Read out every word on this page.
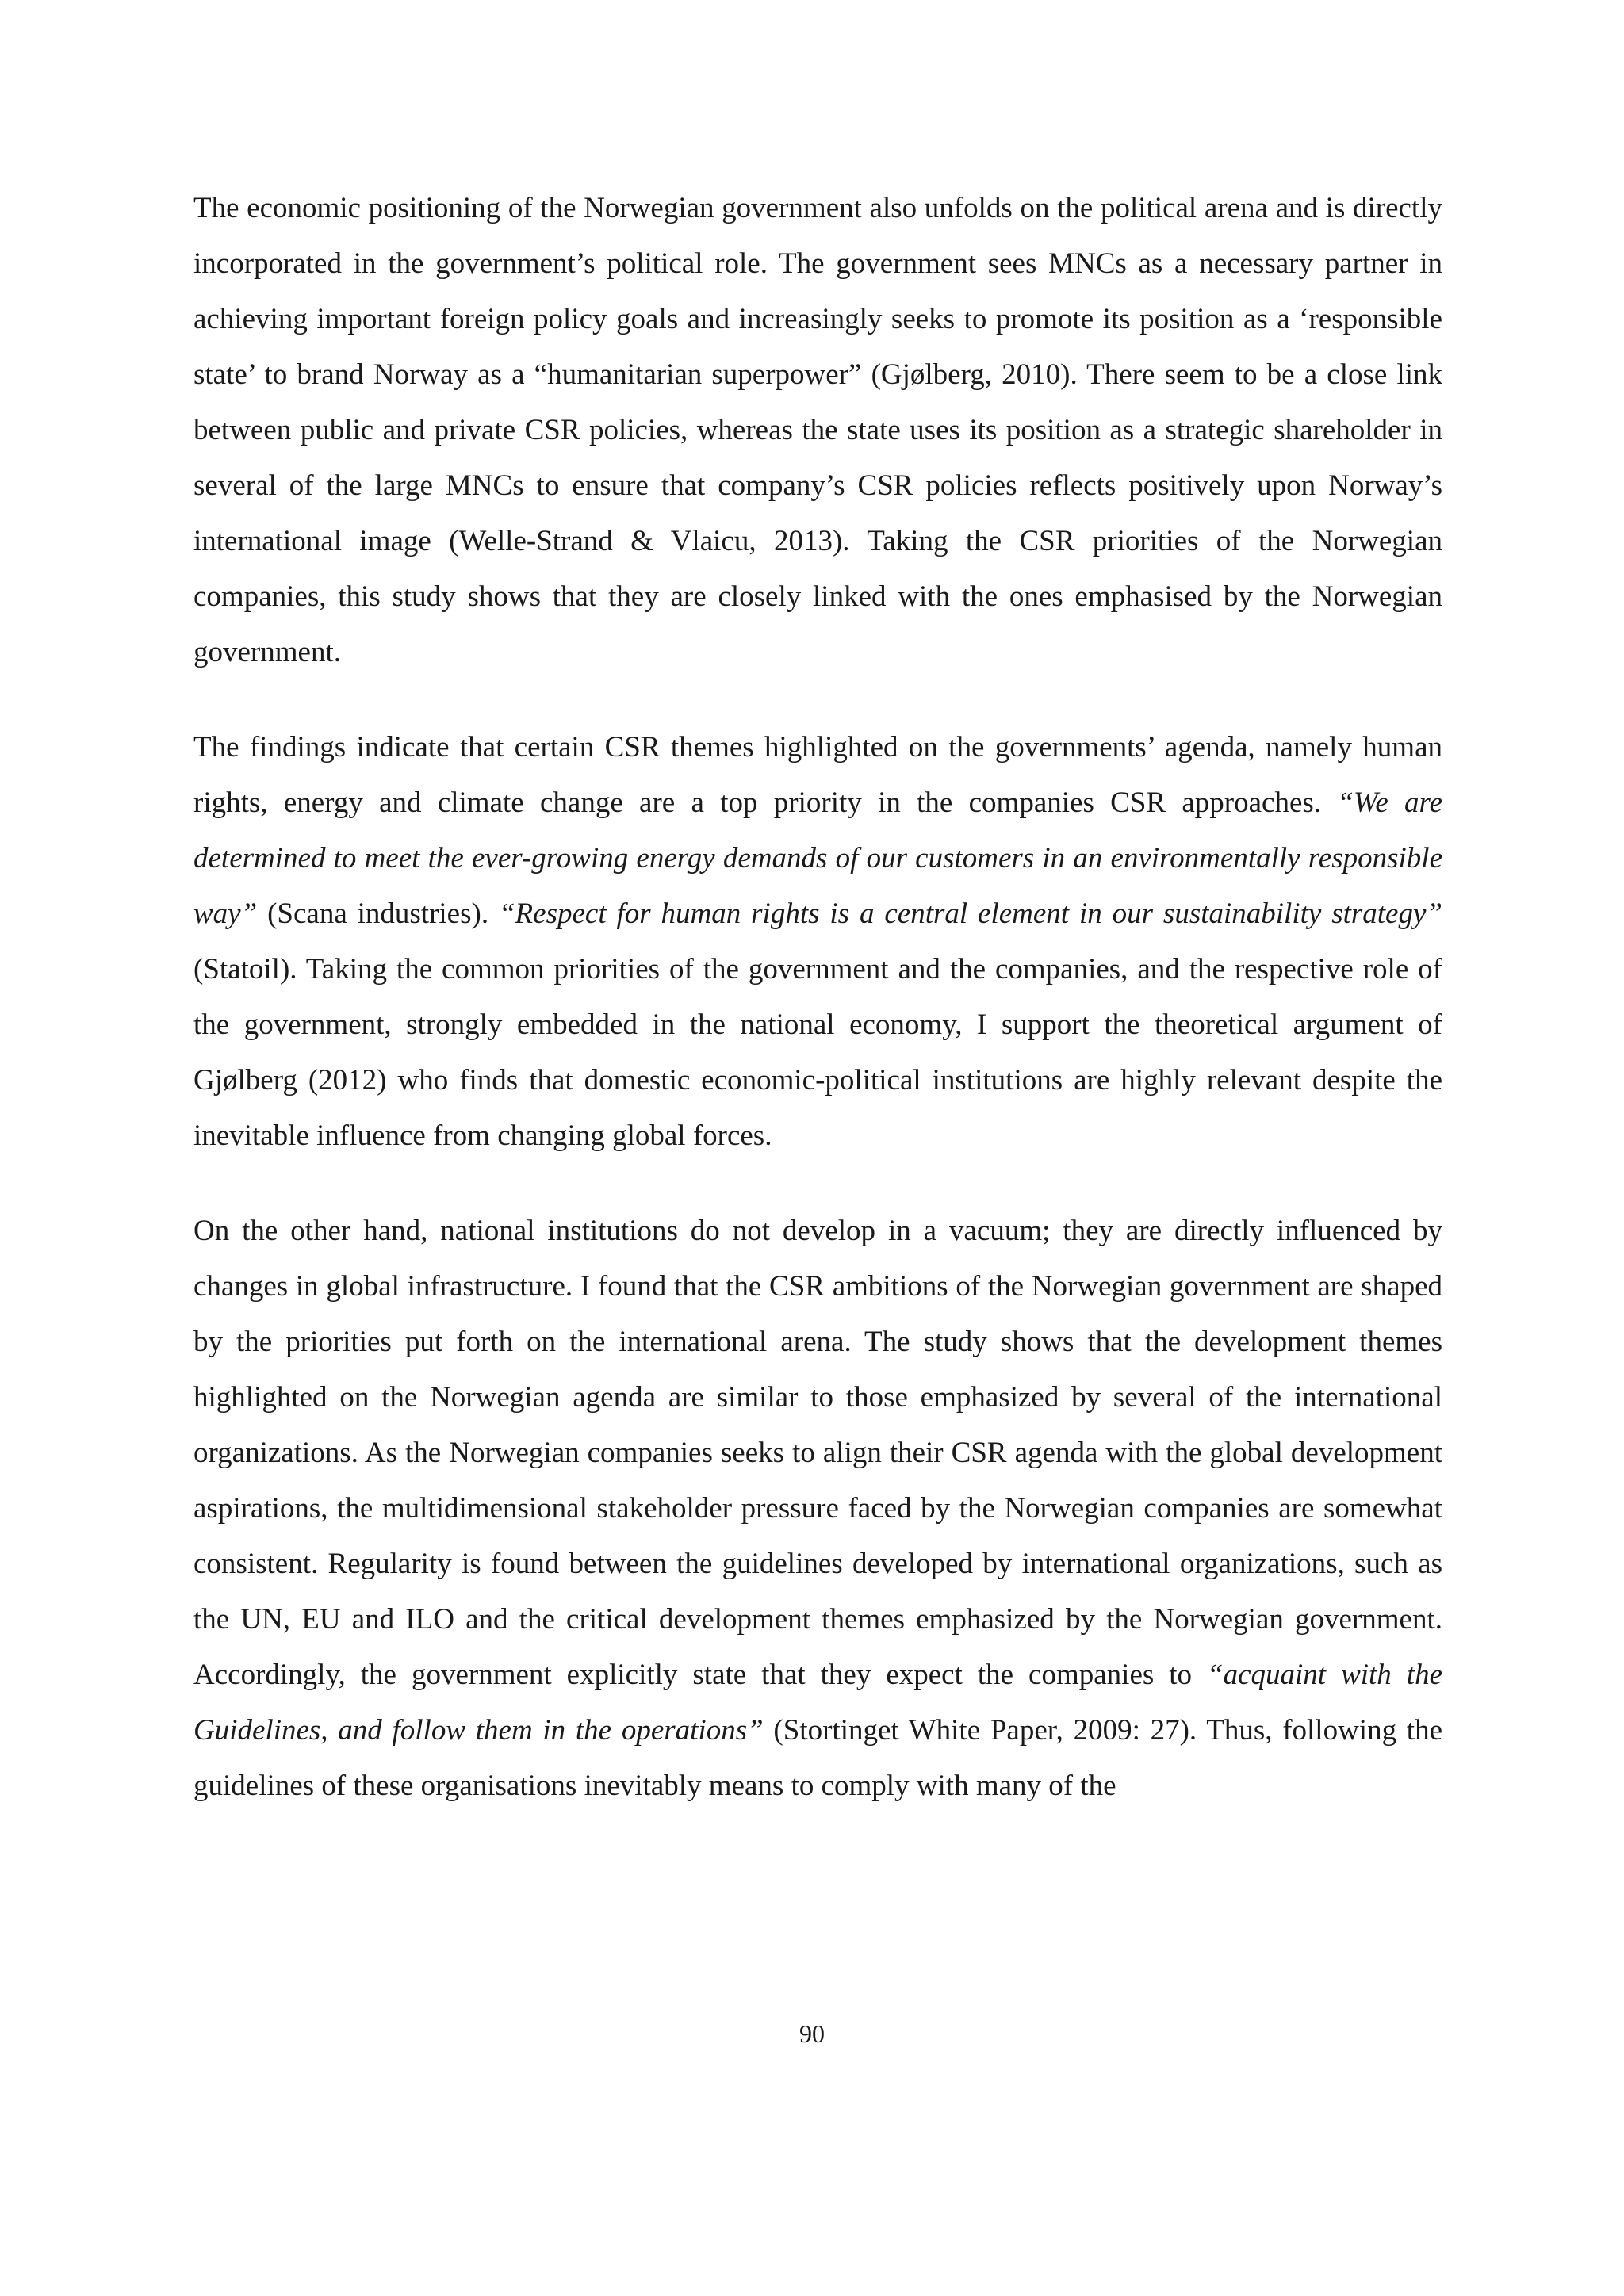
The economic positioning of the Norwegian government also unfolds on the political arena and is directly incorporated in the government’s political role. The government sees MNCs as a necessary partner in achieving important foreign policy goals and increasingly seeks to promote its position as a ‘responsible state’ to brand Norway as a “humanitarian superpower” (Gjølberg, 2010). There seem to be a close link between public and private CSR policies, whereas the state uses its position as a strategic shareholder in several of the large MNCs to ensure that company’s CSR policies reflects positively upon Norway’s international image (Welle-Strand & Vlaicu, 2013). Taking the CSR priorities of the Norwegian companies, this study shows that they are closely linked with the ones emphasised by the Norwegian government.

The findings indicate that certain CSR themes highlighted on the governments’ agenda, namely human rights, energy and climate change are a top priority in the companies CSR approaches. “We are determined to meet the ever-growing energy demands of our customers in an environmentally responsible way” (Scana industries). “Respect for human rights is a central element in our sustainability strategy” (Statoil). Taking the common priorities of the government and the companies, and the respective role of the government, strongly embedded in the national economy, I support the theoretical argument of Gjølberg (2012) who finds that domestic economic-political institutions are highly relevant despite the inevitable influence from changing global forces.

On the other hand, national institutions do not develop in a vacuum; they are directly influenced by changes in global infrastructure. I found that the CSR ambitions of the Norwegian government are shaped by the priorities put forth on the international arena. The study shows that the development themes highlighted on the Norwegian agenda are similar to those emphasized by several of the international organizations. As the Norwegian companies seeks to align their CSR agenda with the global development aspirations, the multidimensional stakeholder pressure faced by the Norwegian companies are somewhat consistent. Regularity is found between the guidelines developed by international organizations, such as the UN, EU and ILO and the critical development themes emphasized by the Norwegian government. Accordingly, the government explicitly state that they expect the companies to “acquaint with the Guidelines, and follow them in the operations” (Stortinget White Paper, 2009: 27). Thus, following the guidelines of these organisations inevitably means to comply with many of the

90
